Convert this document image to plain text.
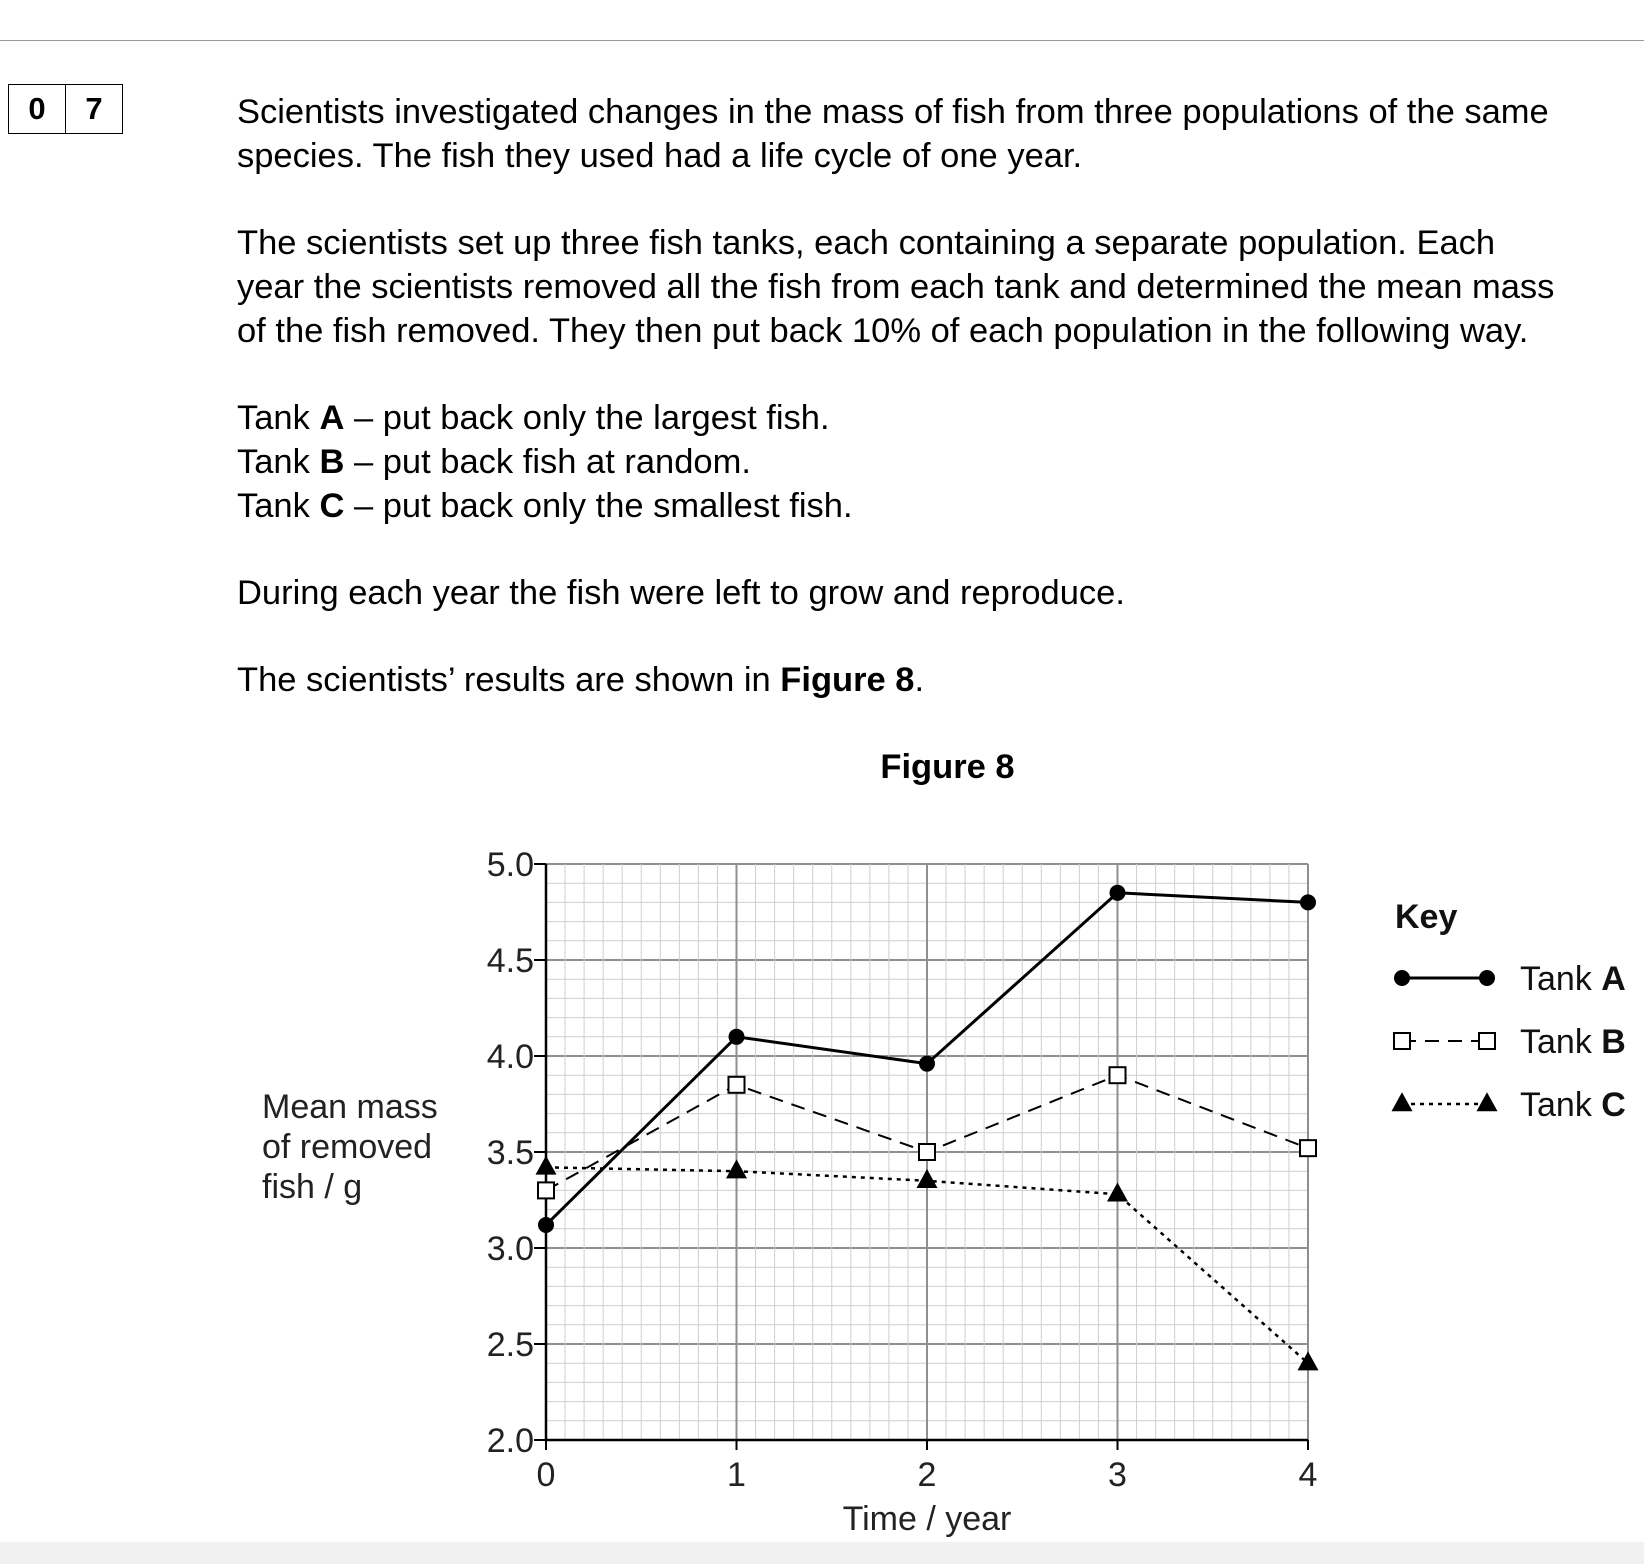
0	7	Scientists investigated changes in the mass of fish from three populations of the same

species. The fish they used had a life cycle of one year.

The scientists set up three fish tanks, each containing a separate population. Each

year the scientists removed all the fish from each tank and determined the mean mass

of the fish removed. They then put back 10% of each population in the following way.

Tank A – put back only the largest fish.

Tank B – put back fish at random.

Tank C – put back only the smallest fish.

During each year the fish were left to grow and reproduce.

The scientists’ results are shown in Figure 8.

Figure 8
2.0
2.5
3.0
3.5
4.0
4.5
5.0
0	1	2	3	4
Time / year
Mean mass
of removed
fish / g
Key
Tank A
Tank B
Tank C
